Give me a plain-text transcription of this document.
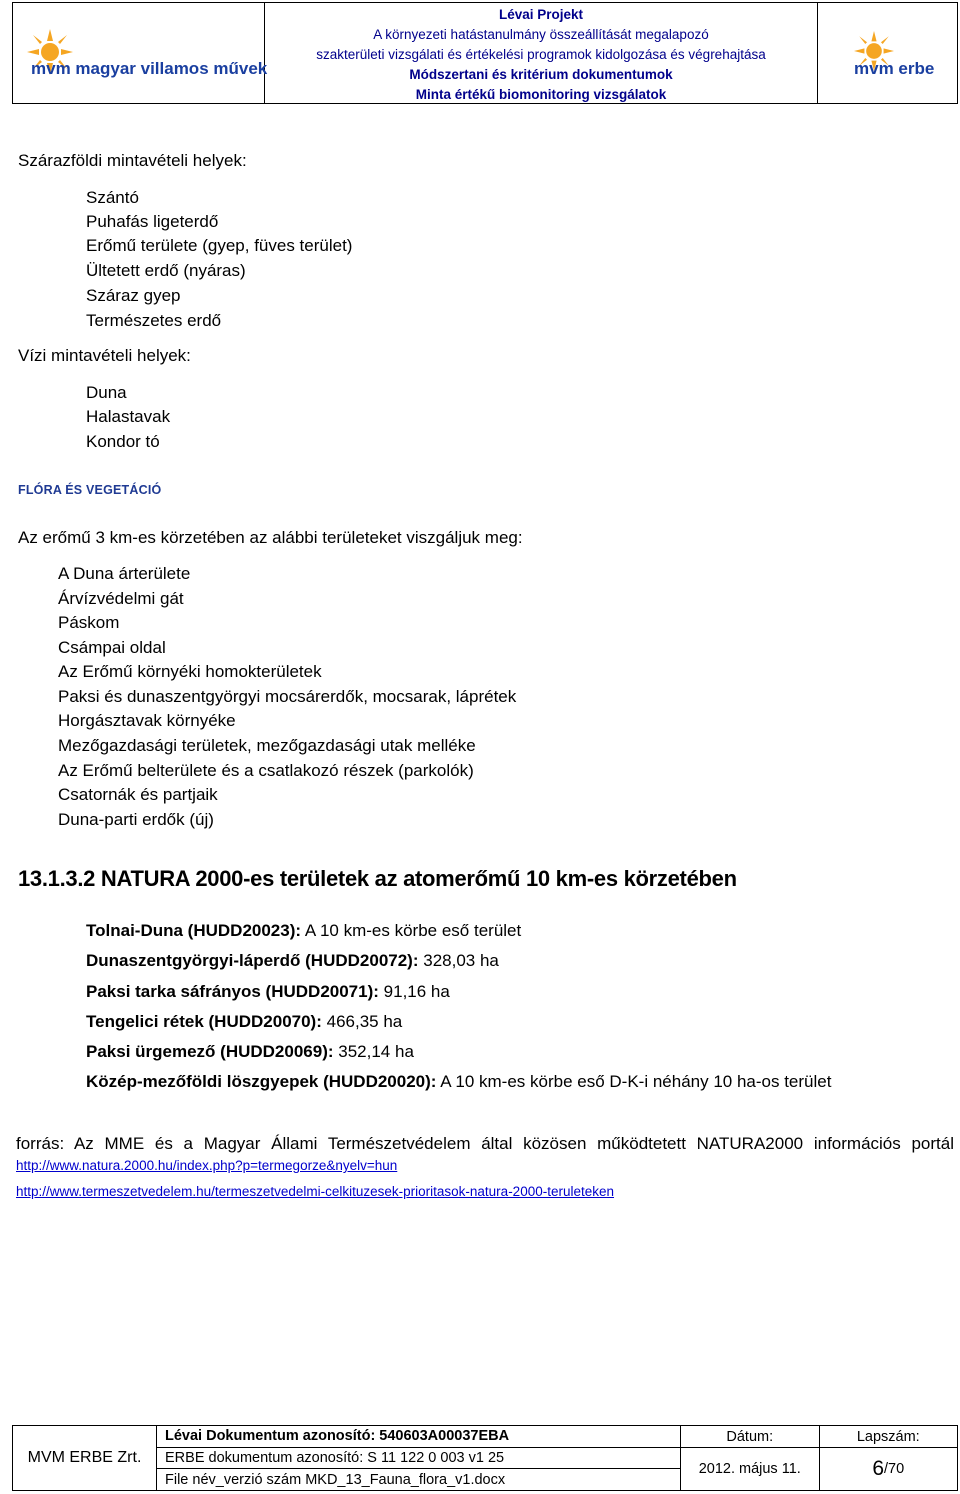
mvm magyar villamos művek
Lévai Projekt
A környezeti hatástanulmány összeállítását megalapozó
szakterületi vizsgálati és értékelési programok kidolgozása és végrehajtása
Módszertani és kritérium dokumentumok
Minta értékű biomonitoring vizsgálatok
mvm erbe
Szárazföldi mintavételi helyek:
Szántó
Puhafás ligeterdő
Erőmű területe (gyep, füves terület)
Ültetett erdő (nyáras)
Száraz gyep
Természetes erdő
Vízi mintavételi helyek:
Duna
Halastavak
Kondor tó
FLÓRA ÉS VEGETÁCIÓ
Az erőmű 3 km-es körzetében az alábbi területeket viszgáljuk meg:
A Duna árterülete
Árvízvédelmi gát
Páskom
Csámpai oldal
Az Erőmű környéki homokterületek
Paksi és dunaszentgyörgyi mocsárerdők, mocsarak, láprétek
Horgásztavak környéke
Mezőgazdasági területek, mezőgazdasági utak melléke
Az Erőmű belterülete és a csatlakozó részek (parkolók)
Csatornák és partjaik
Duna-parti erdők (új)
13.1.3.2 NATURA 2000-es területek az atomerőmű 10 km-es körzetében
Tolnai-Duna (HUDD20023): A 10 km-es körbe eső terület
Dunaszentgyörgyi-láperdő (HUDD20072): 328,03 ha
Paksi tarka sáfrányos (HUDD20071): 91,16 ha
Tengelici rétek (HUDD20070): 466,35 ha
Paksi ürgemező (HUDD20069): 352,14 ha
Közép-mezőföldi löszgyepek (HUDD20020): A 10 km-es körbe eső D-K-i néhány 10 ha-os terület
forrás: Az MME és a Magyar Állami Természetvédelem által közösen működtetett NATURA2000 információs portál
http://www.natura.2000.hu/index.php?p=termegorze&nyelv=hun
http://www.termeszetvedelem.hu/termeszetvedelmi-celkituzesek-prioritasok-natura-2000-teruleteken
MVM ERBE Zrt.
Lévai Dokumentum azonosító: 540603A00037EBA
ERBE dokumentum azonosító: S 11 122 0 003 v1 25
File név_verzió szám MKD_13_Fauna_flora_v1.docx
Dátum:
2012. május 11.
Lapszám:
6 /70
